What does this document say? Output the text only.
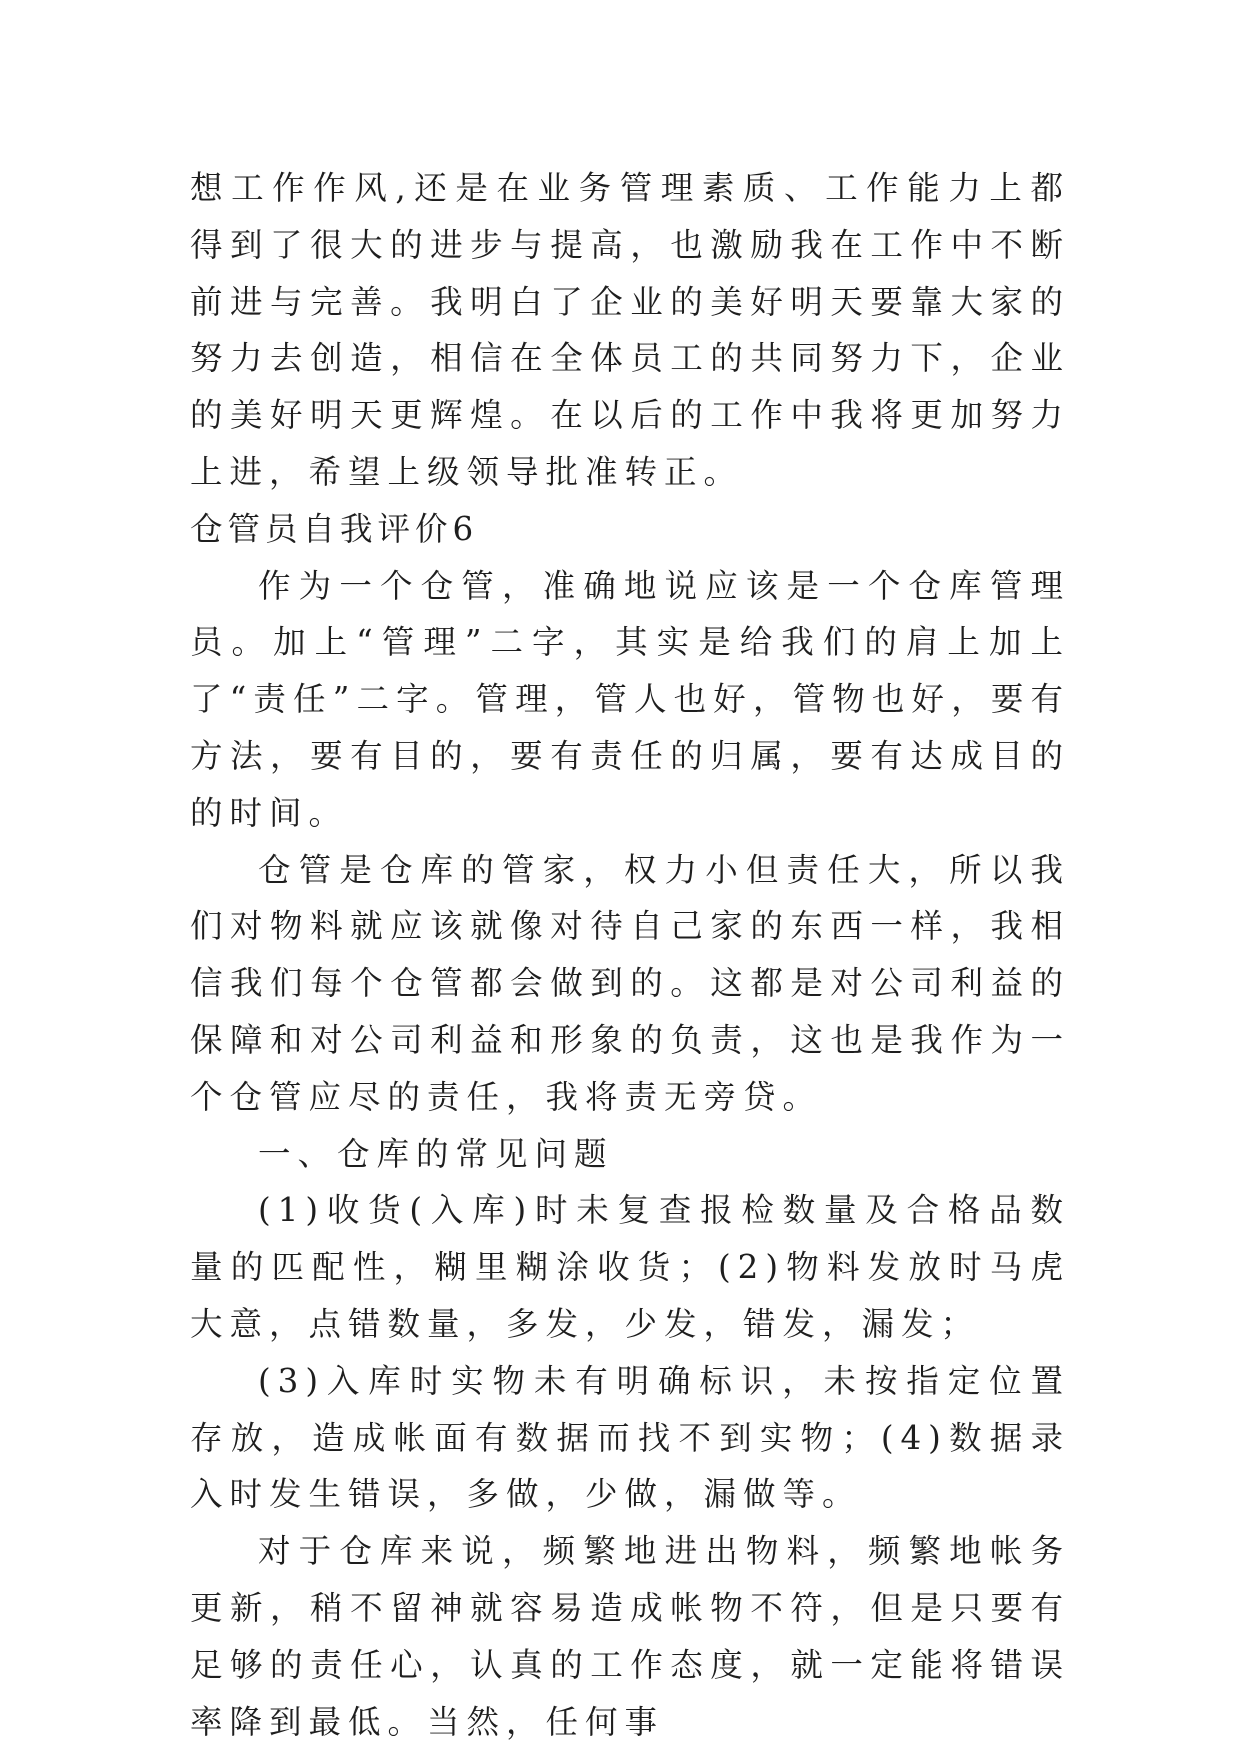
想工作作风,还是在业务管理素质、工作能力上都得到了很大的进步与提高，也激励我在工作中不断前进与完善。我明白了企业的美好明天要靠大家的努力去创造，相信在全体员工的共同努力下，企业的美好明天更辉煌。在以后的工作中我将更加努力上进，希望上级领导批准转正。

仓管员自我评价6

作为一个仓管，准确地说应该是一个仓库管理员。加上“管理”二字，其实是给我们的肩上加上了“责任”二字。管理，管人也好，管物也好，要有方法，要有目的，要有责任的归属，要有达成目的的时间。

仓管是仓库的管家，权力小但责任大，所以我们对物料就应该就像对待自己家的东西一样，我相信我们每个仓管都会做到的。这都是对公司利益的保障和对公司利益和形象的负责，这也是我作为一个仓管应尽的责任，我将责无旁贷。

一、仓库的常见问题

(1)收货(入库)时未复查报检数量及合格品数量的匹配性，糊里糊涂收货；(2)物料发放时马虎大意，点错数量，多发，少发，错发，漏发；

(3)入库时实物未有明确标识，未按指定位置存放，造成帐面有数据而找不到实物；(4)数据录入时发生错误，多做，少做，漏做等。

对于仓库来说，频繁地进出物料，频繁地帐务更新，稍不留神就容易造成帐物不符，但是只要有足够的责任心，认真的工作态度，就一定能将错误率降到最低。当然，任何事
